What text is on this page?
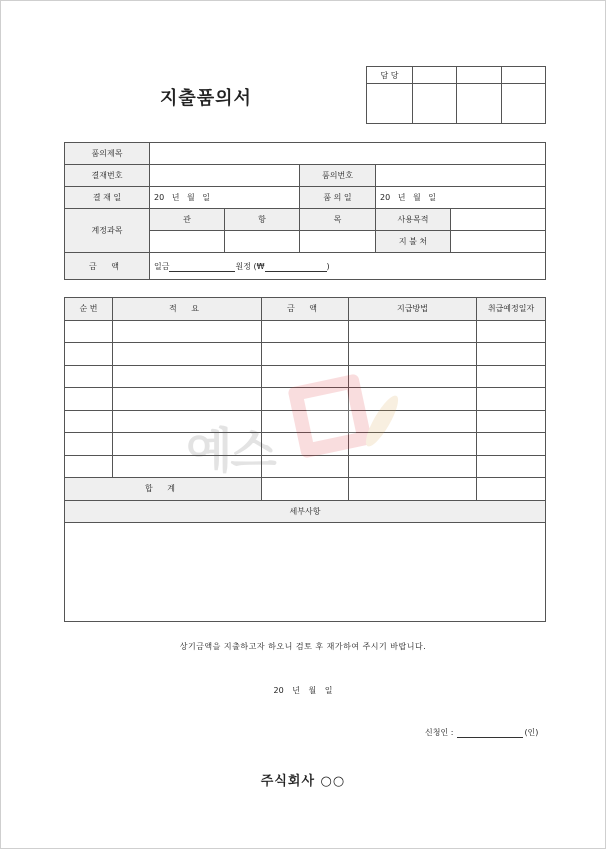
지출품의서
담 당			

품의제목					
결재번호			품의번호		
결 재 일	20 년 월 일		품 의 일	20 년 월 일	
계정과목	관	항	목	사용목적	
				지 불 처	
금 액	일금 원정 (₩ )				
순 번	적 요	금 액	지급방법	취급예정일자

합 계				
세부사항				

예스
상기금액을 지출하고자 하오니 검토 후 재가하여 주시기 바랍니다.
20 년 월 일
신청인 :	(인)
주식회사 ○○
